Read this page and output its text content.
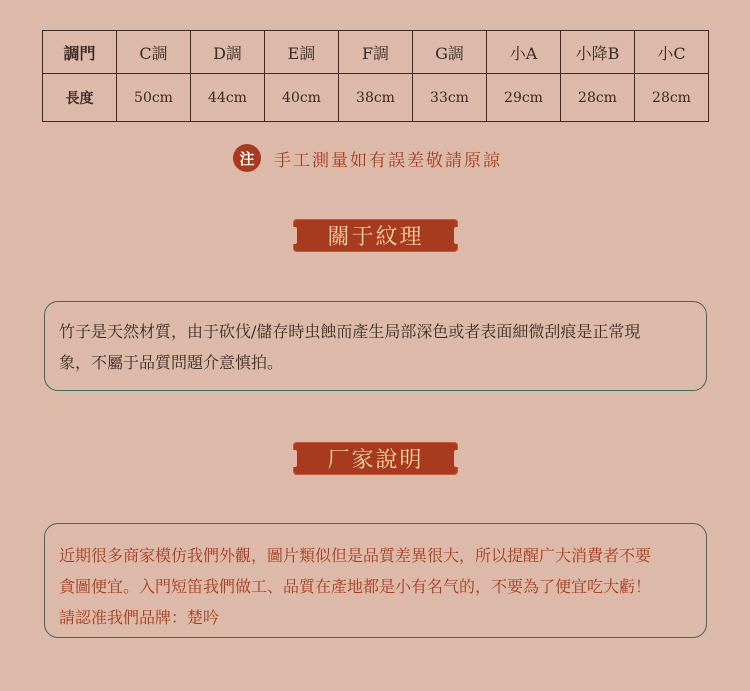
調門	C調	D調	E調	F調	G調	小A	小降B	小C
長度	50cm	44cm	40cm	38cm	33cm	29cm	28cm	28cm
注	手工測量如有誤差敬請原諒
關于紋理
竹子是天然材質，由于砍伐/儲存時虫蝕而產生局部深色或者表面細微刮痕是正常現
象，不屬于品質問題介意慎拍。
厂家說明
近期很多商家模仿我們外觀，圖片類似但是品質差異很大，所以提醒广大消費者不要
貪圖便宜。入門短笛我們做工、品質在產地都是小有名气的，不要為了便宜吃大虧！
請認准我們品牌：楚吟
